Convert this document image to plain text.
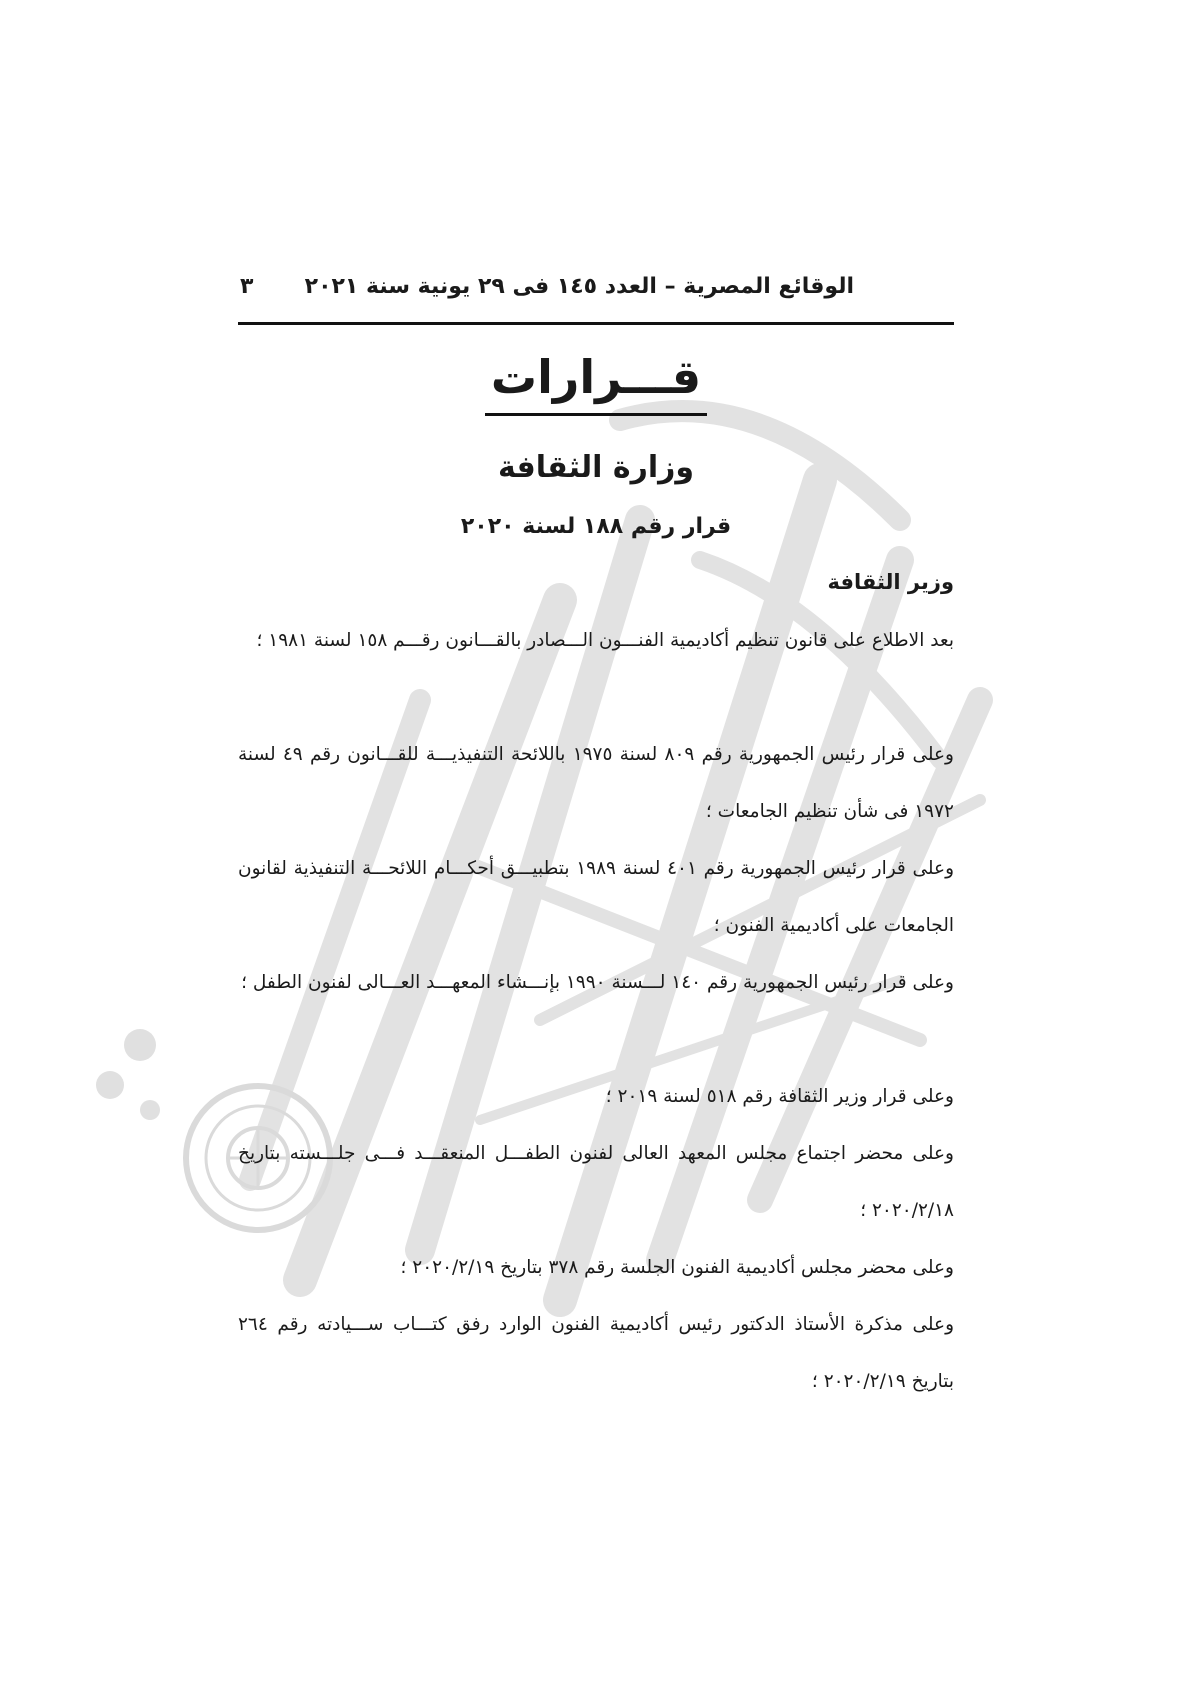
الوقائع المصرية – العدد ١٤٥ فى ٢٩ يونية سنة ٢٠٢١
٣
قـــرارات
وزارة الثقافة
قرار رقم ١٨٨ لسنة ٢٠٢٠
وزير الثقافة

بعد الاطلاع على قانون تنظيم أكاديمية الفنـــون الـــصادر بالقـــانون رقـــم ١٥٨ لسنة ١٩٨١ ؛

وعلى قرار رئيس الجمهورية رقم ٨٠٩ لسنة ١٩٧٥ باللائحة التنفيذيـــة للقـــانون رقم ٤٩ لسنة ١٩٧٢ فى شأن تنظيم الجامعات ؛

وعلى قرار رئيس الجمهورية رقم ٤٠١ لسنة ١٩٨٩ بتطبيـــق أحكـــام اللائحـــة التنفيذية لقانون الجامعات على أكاديمية الفنون ؛

وعلى قرار رئيس الجمهورية رقم ١٤٠ لـــسنة ١٩٩٠ بإنـــشاء المعهـــد العـــالى لفنون الطفل ؛

وعلى قرار وزير الثقافة رقم ٥١٨ لسنة ٢٠١٩ ؛

وعلى محضر اجتماع مجلس المعهد العالى لفنون الطفـــل المنعقـــد فـــى جلـــسته بتاريخ ٢٠٢٠/٢/١٨ ؛

وعلى محضر مجلس أكاديمية الفنون الجلسة رقم ٣٧٨ بتاريخ ٢٠٢٠/٢/١٩ ؛

وعلى مذكرة الأستاذ الدكتور رئيس أكاديمية الفنون الوارد رفق كتـــاب ســـيادته رقم ٢٦٤ بتاريخ ٢٠٢٠/٢/١٩ ؛
